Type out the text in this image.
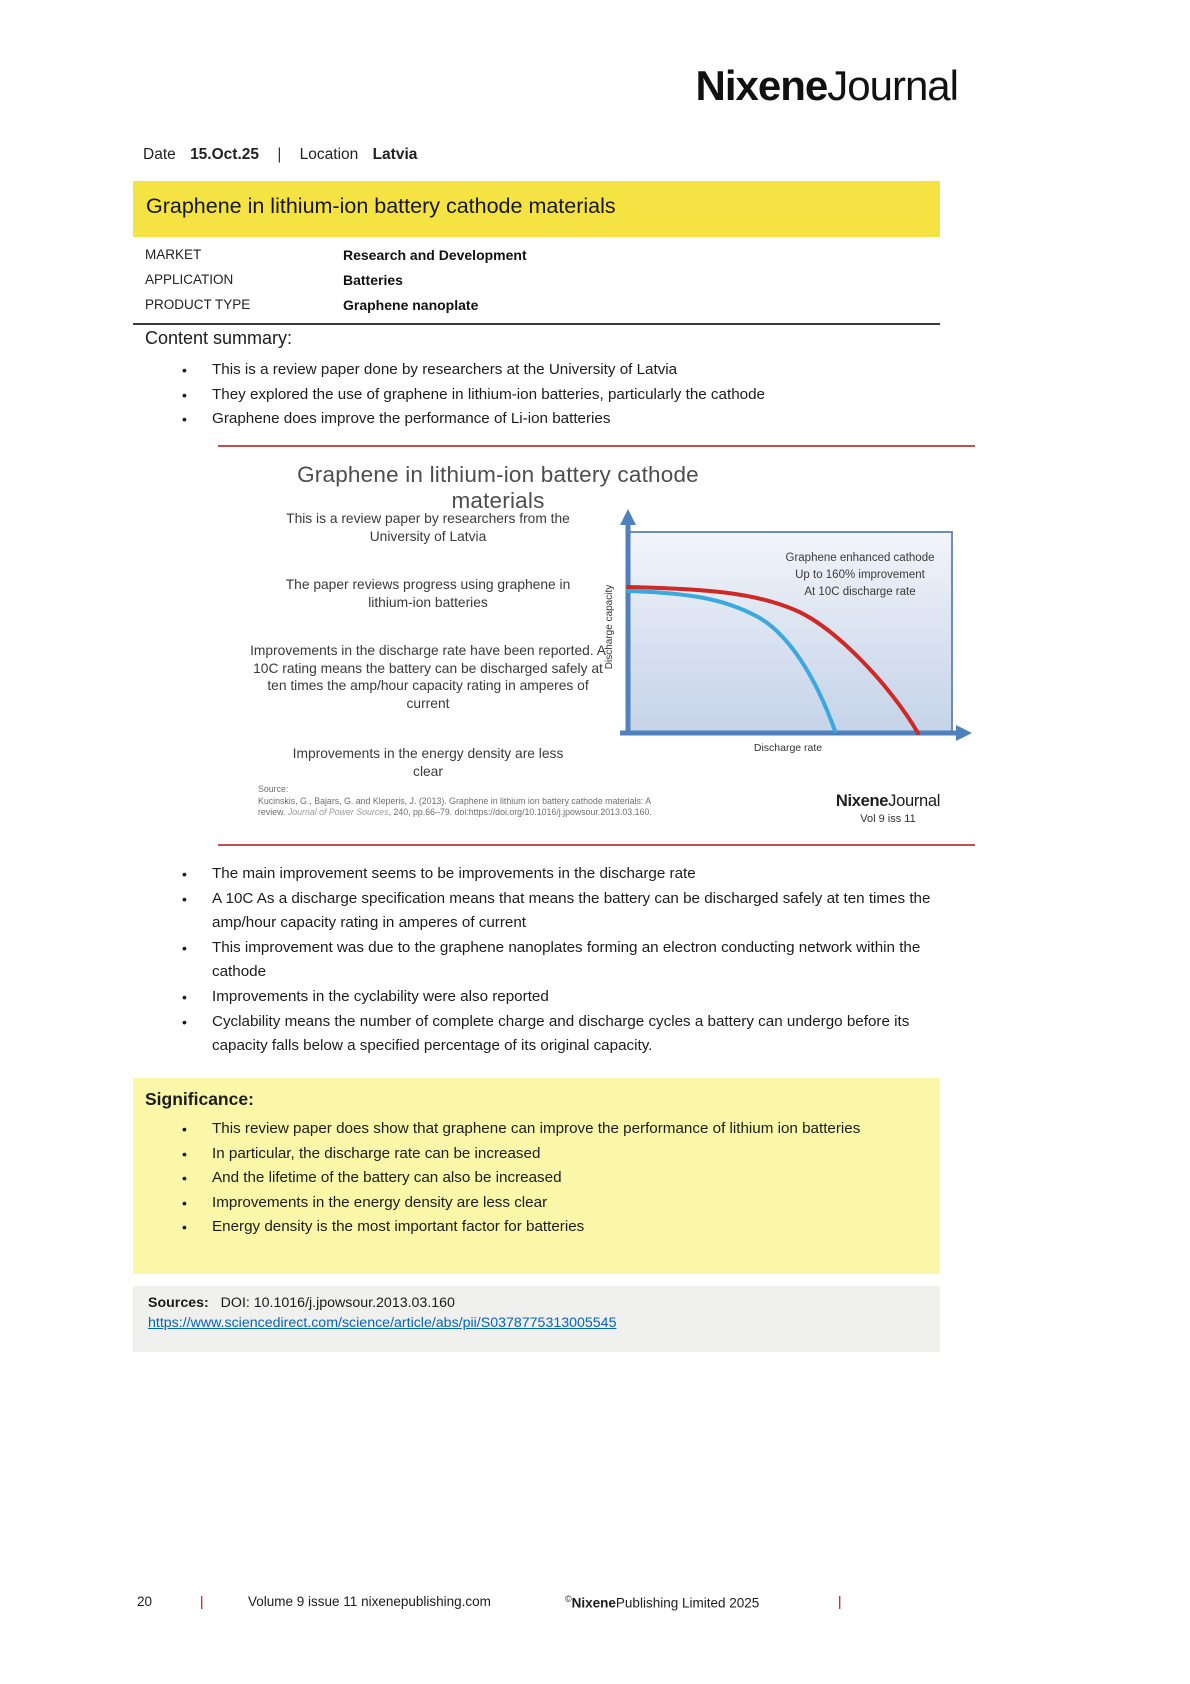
NixeneJournal
Date 15.Oct.25 | Location Latvia
Graphene in lithium-ion battery cathode materials
MARKET	Research and Development
APPLICATION	Batteries
PRODUCT TYPE	Graphene nanoplate
Content summary:
• This is a review paper done by researchers at the University of Latvia
• They explored the use of graphene in lithium-ion batteries, particularly the cathode
• Graphene does improve the performance of Li-ion batteries
Graphene in lithium-ion battery cathode materials
This is a review paper by researchers from the University of Latvia
The paper reviews progress using graphene in lithium-ion batteries
Improvements in the discharge rate have been reported. A 10C rating means the battery can be discharged safely at ten times the amp/hour capacity rating in amperes of current
Improvements in the energy density are less clear
Graphene enhanced cathode
Up to 160% improvement
At 10C discharge rate
Discharge rate
Discharge capacity
Source:
Kucinskis, G., Bajars, G. and Kleperis, J. (2013). Graphene in lithium ion battery cathode materials: A
review. Journal of Power Sources, 240, pp.66–79. doi:https://doi.org/10.1016/j.jpowsour.2013.03.160.
NixeneJournal
Vol 9 iss 11
• The main improvement seems to be improvements in the discharge rate
• A 10C As a discharge specification means that means the battery can be discharged safely at ten times the amp/hour capacity rating in amperes of current
• This improvement was due to the graphene nanoplates forming an electron conducting network within the cathode
• Improvements in the cyclability were also reported
• Cyclability means the number of complete charge and discharge cycles a battery can undergo before its capacity falls below a specified percentage of its original capacity.
Significance:
• This review paper does show that graphene can improve the performance of lithium ion batteries
• In particular, the discharge rate can be increased
• And the lifetime of the battery can also be increased
• Improvements in the energy density are less clear
• Energy density is the most important factor for batteries
Sources: DOI: 10.1016/j.jpowsour.2013.03.160
https://www.sciencedirect.com/science/article/abs/pii/S0378775313005545
20	|	Volume 9 issue 11 nixenepublishing.com	©NixenePublishing Limited 2025	|
